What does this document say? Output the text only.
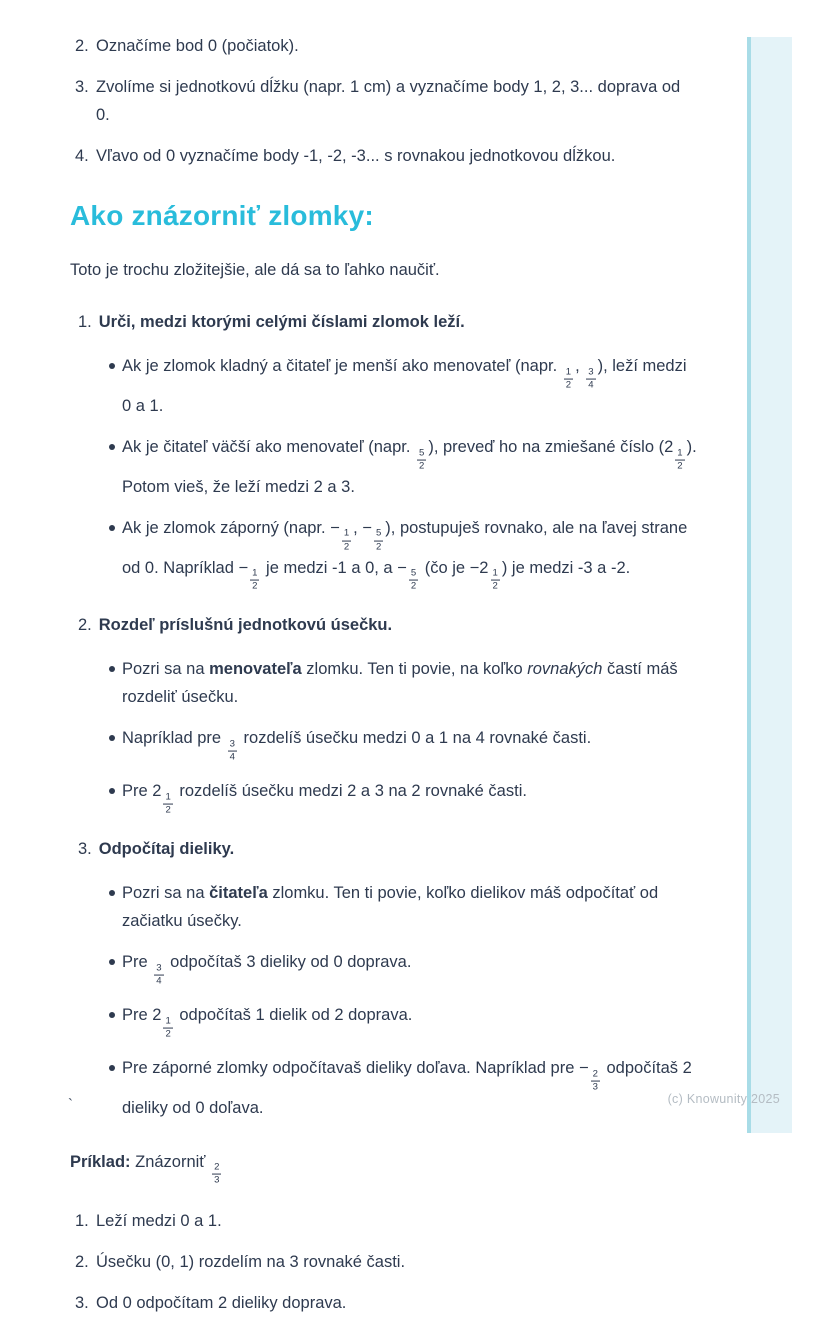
2. Označíme bod 0 (počiatok).
3. Zvolíme si jednotkovú dĺžku (napr. 1 cm) a vyznačíme body 1, 2, 3... doprava od 0.
4. Vľavo od 0 vyznačíme body -1, -2, -3... s rovnakou jednotkovou dĺžkou.
Ako znázorniť zlomky:

Toto je trochu zložitejšie, ale dá sa to ľahko naučiť.

1. Urči, medzi ktorými celými číslami zlomok leží.
Ak je zlomok kladný a čitateľ je menší ako menovateľ (napr.
$\frac{1}{2}$
,
$\frac{3}{4}$
), leží medzi 0 a 1.
Ak je čitateľ väčší ako menovateľ (napr.
$\frac{5}{2}$
), preveď ho na zmiešané číslo (2
$\frac{1}{2}$
). Potom vieš, že leží medzi 2 a 3.
Ak je zlomok záporný (napr. −
$\frac{1}{2}$
, −
$\frac{5}{2}$
), postupuješ rovnako, ale na ľavej strane od 0. Napríklad −
$\frac{1}{2}$
je medzi -1 a 0, a −
$\frac{5}{2}$
(čo je −2
$\frac{1}{2}$
) je medzi -3 a -2.
2. Rozdeľ príslušnú jednotkovú úsečku.
Pozri sa na menovateľa zlomku. Ten ti povie, na koľko rovnakých častí máš rozdeliť úsečku.
Napríklad pre
$\frac{3}{4}$
rozdelíš úsečku medzi 0 a 1 na 4 rovnaké časti.
Pre 2
$\frac{1}{2}$
rozdelíš úsečku medzi 2 a 3 na 2 rovnaké časti.
3. Odpočítaj dieliky.
Pozri sa na čitateľa zlomku. Ten ti povie, koľko dielikov máš odpočítať od začiatku úsečky.
Pre
$\frac{3}{4}$
odpočítaš 3 dieliky od 0 doprava.
Pre 2
$\frac{1}{2}$
odpočítaš 1 dielik od 2 doprava.
Pre záporné zlomky odpočítavaš dieliky doľava. Napríklad pre −
$\frac{2}{3}$
odpočítaš 2 dieliky od 0 doľava.

Príklad: Znázorniť
$\frac{2}{3}$

1. Leží medzi 0 a 1.
2. Úsečku (0, 1) rozdelím na 3 rovnaké časti.
3. Od 0 odpočítam 2 dieliky doprava.
`	(c) Knowunity 2025
